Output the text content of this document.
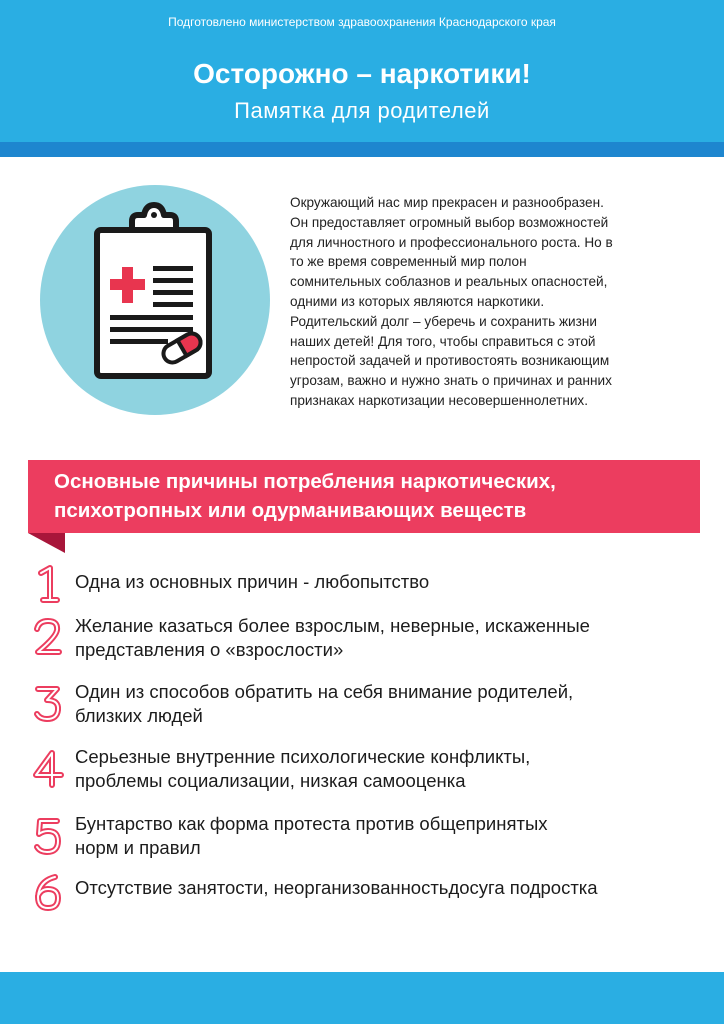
Подготовлено министерством здравоохранения Краснодарского края
Осторожно – наркотики!
Памятка для родителей
Окружающий нас мир прекрасен и разнообразен.
Он предоставляет огромный выбор возможностей
для личностного и профессионального роста. Но в
то же время современный мир полон
сомнительных соблазнов и реальных опасностей,
одними из которых являются наркотики.
Родительский долг – уберечь и сохранить жизни
наших детей! Для того, чтобы справиться с этой
непростой задачей и противостоять возникающим
угрозам, важно и нужно знать о причинах и ранних
признаках наркотизации несовершеннолетних.
Основные причины потребления наркотических,
психотропных или одурманивающих веществ
Одна из основных причин - любопытство
Желание казаться более взрослым, неверные, искаженные
представления о «взрослости»
Один из способов обратить на себя внимание родителей,
близких людей
Серьезные внутренние психологические конфликты,
проблемы социализации, низкая самооценка
Бунтарство как форма протеста против общепринятых
норм и правил
Отсутствие занятости, неорганизованностьдосуга подростка
